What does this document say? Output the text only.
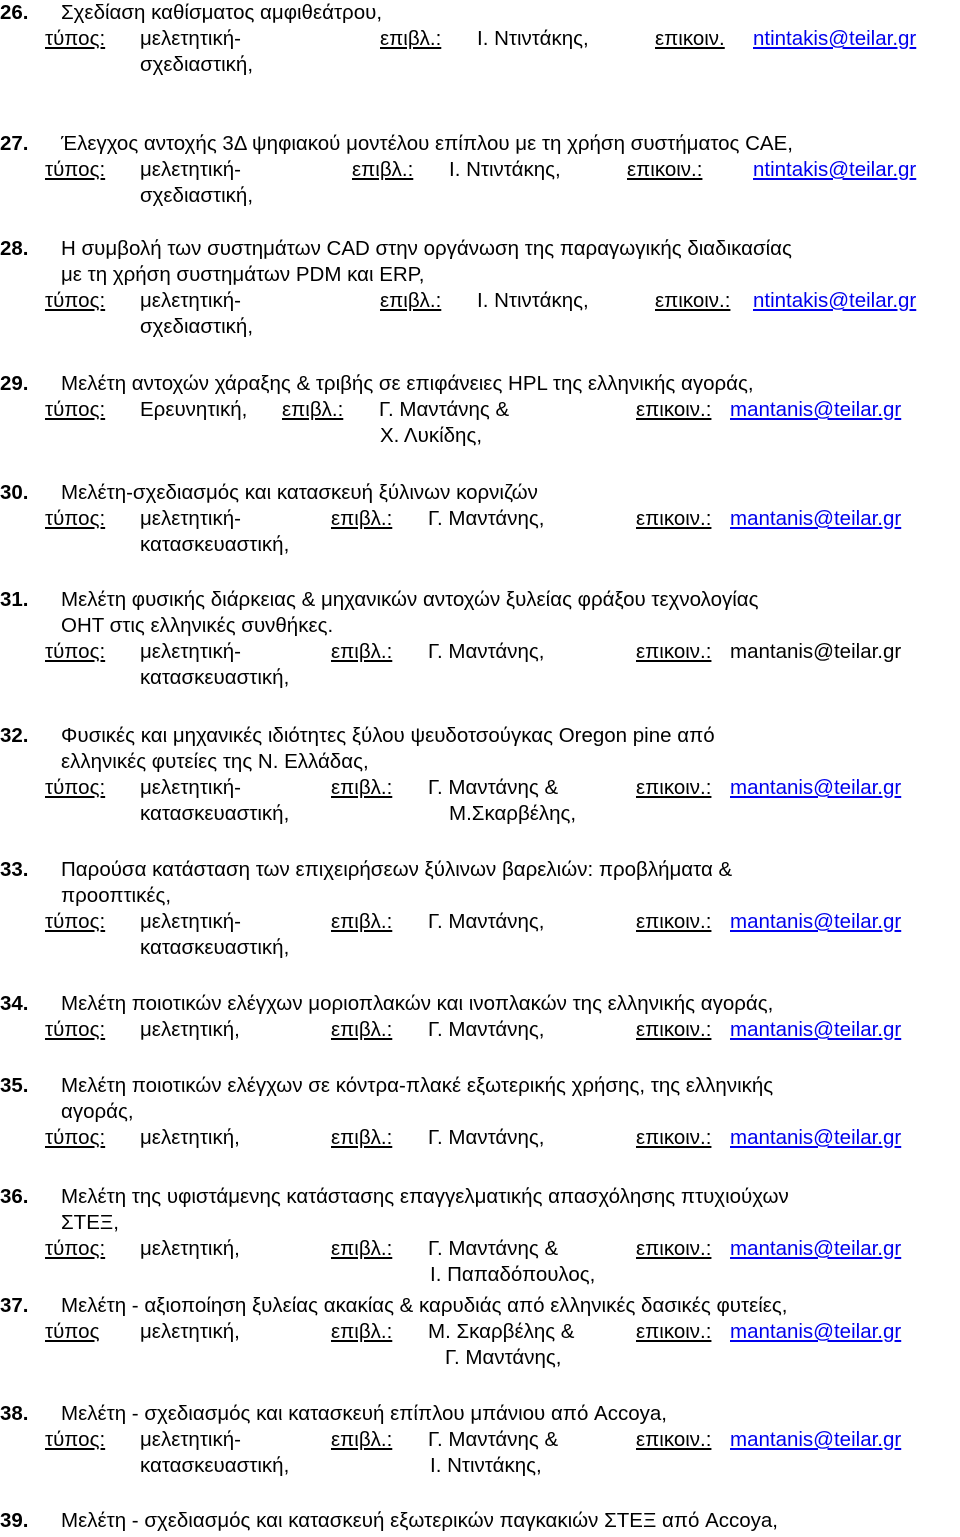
26. Σχεδίαση καθίσματος αμφιθεάτρου,
τύπος: μελετητική-
σχεδιαστική,
επιβλ.: Ι. Ντιντάκης,	επικοιν. ntintakis@teilar.gr
27. Έλεγχος αντοχής 3Δ ψηφιακού μοντέλου επίπλου με τη χρήση συστήματος CAE,
τύπος: μελετητική-
σχεδιαστική,
επιβλ.: Ι. Ντιντάκης,	επικοιν.: ntintakis@teilar.gr
28. Η συμβολή των συστημάτων CAD στην οργάνωση της παραγωγικής διαδικασίας
με τη χρήση συστημάτων PDM και ERP,
τύπος: μελετητική-
σχεδιαστική,
επιβλ.: Ι. Ντιντάκης,	επικοιν.: ntintakis@teilar.gr
29. Μελέτη αντοχών χάραξης & τριβής σε επιφάνειες HPL της ελληνικής αγοράς,
τύπος: Ερευνητική, επιβλ.: Γ. Μαντάνης &
Χ. Λυκίδης,
επικοιν.: mantanis@teilar.gr
30. Μελέτη-σχεδιασμός και κατασκευή ξύλινων κορνιζών
τύπος: μελετητική-
κατασκευαστική,
επιβλ.: Γ. Μαντάνης,	επικοιν.: mantanis@teilar.gr
31. Μελέτη φυσικής διάρκειας & μηχανικών αντοχών ξυλείας φράξου τεχνολογίας
OHT στις ελληνικές συνθήκες.
τύπος: μελετητική-
κατασκευαστική,
επιβλ.: Γ. Μαντάνης,	επικοιν.: mantanis@teilar.gr
32. Φυσικές και μηχανικές ιδιότητες ξύλου ψευδοτσούγκας Oregon pine από
ελληνικές φυτείες της Ν. Ελλάδας,
τύπος: μελετητική-
κατασκευαστική,
επιβλ.: Γ. Μαντάνης &
Μ.Σκαρβέλης,
επικοιν.: mantanis@teilar.gr
33. Παρούσα κατάσταση των επιχειρήσεων ξύλινων βαρελιών: προβλήματα &
προοπτικές,
τύπος: μελετητική-
κατασκευαστική,
επιβλ.: Γ. Μαντάνης,	επικοιν.: mantanis@teilar.gr
34. Μελέτη ποιοτικών ελέγχων μοριοπλακών και ινοπλακών της ελληνικής αγοράς,
τύπος: μελετητική,	επιβλ.: Γ. Μαντάνης,	επικοιν.: mantanis@teilar.gr
35. Μελέτη ποιοτικών ελέγχων σε κόντρα-πλακέ εξωτερικής χρήσης, της ελληνικής
αγοράς,
τύπος: μελετητική,	επιβλ.: Γ. Μαντάνης,	επικοιν.: mantanis@teilar.gr
36. Μελέτη της υφιστάμενης κατάστασης επαγγελματικής απασχόλησης πτυχιούχων
ΣΤΕΞ,
τύπος: μελετητική,	επιβλ.: Γ. Μαντάνης &
Ι. Παπαδόπουλος,
επικοιν.: mantanis@teilar.gr
37. Μελέτη - αξιοποίηση ξυλείας ακακίας & καρυδιάς από ελληνικές δασικές φυτείες,
τύπος μελετητική,	επιβλ.: Μ. Σκαρβέλης &
Γ. Μαντάνης,
επικοιν.: mantanis@teilar.gr
38. Μελέτη - σχεδιασμός και κατασκευή επίπλου μπάνιου από Accoya,
τύπος: μελετητική-
κατασκευαστική,
επιβλ.: Γ. Μαντάνης &
Ι. Ντιντάκης,
επικοιν.: mantanis@teilar.gr
39. Μελέτη - σχεδιασμός και κατασκευή εξωτερικών παγκακιών ΣΤΕΞ από Accoya,
